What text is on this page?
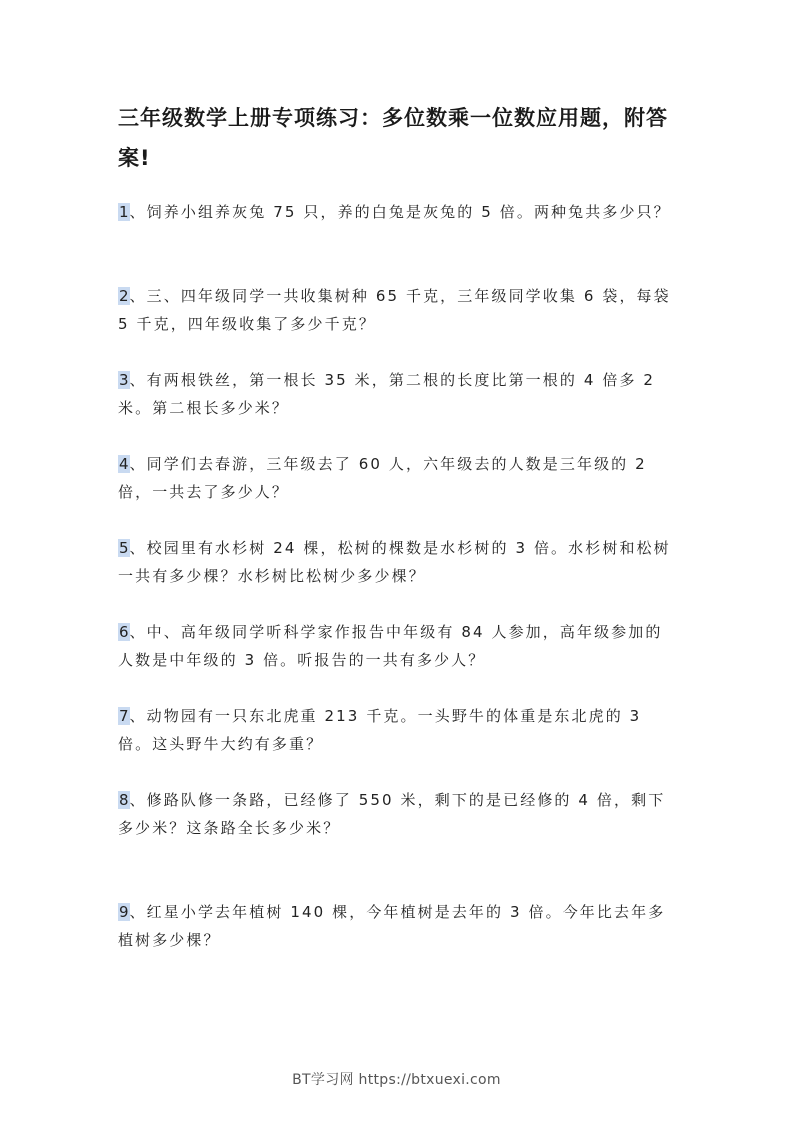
三年级数学上册专项练习：多位数乘一位数应用题，附答案!

1、饲养小组养灰兔 75 只，养的白兔是灰兔的 5 倍。两种兔共多少只？

2、三、四年级同学一共收集树种 65 千克，三年级同学收集 6 袋，每袋 5 千克，四年级收集了多少千克？

3、有两根铁丝，第一根长 35 米，第二根的长度比第一根的 4 倍多 2 米。第二根长多少米？

4、同学们去春游，三年级去了 60 人，六年级去的人数是三年级的 2 倍，一共去了多少人？

5、校园里有水杉树 24 棵，松树的棵数是水杉树的 3 倍。水杉树和松树一共有多少棵？水杉树比松树少多少棵？

6、中、高年级同学听科学家作报告中年级有 84 人参加，高年级参加的人数是中年级的 3 倍。听报告的一共有多少人？

7、动物园有一只东北虎重 213 千克。一头野牛的体重是东北虎的 3 倍。这头野牛大约有多重？

8、修路队修一条路，已经修了 550 米，剩下的是已经修的 4 倍，剩下多少米？这条路全长多少米？

9、红星小学去年植树 140 棵，今年植树是去年的 3 倍。今年比去年多植树多少棵？

BT学习网 https://btxuexi.com
